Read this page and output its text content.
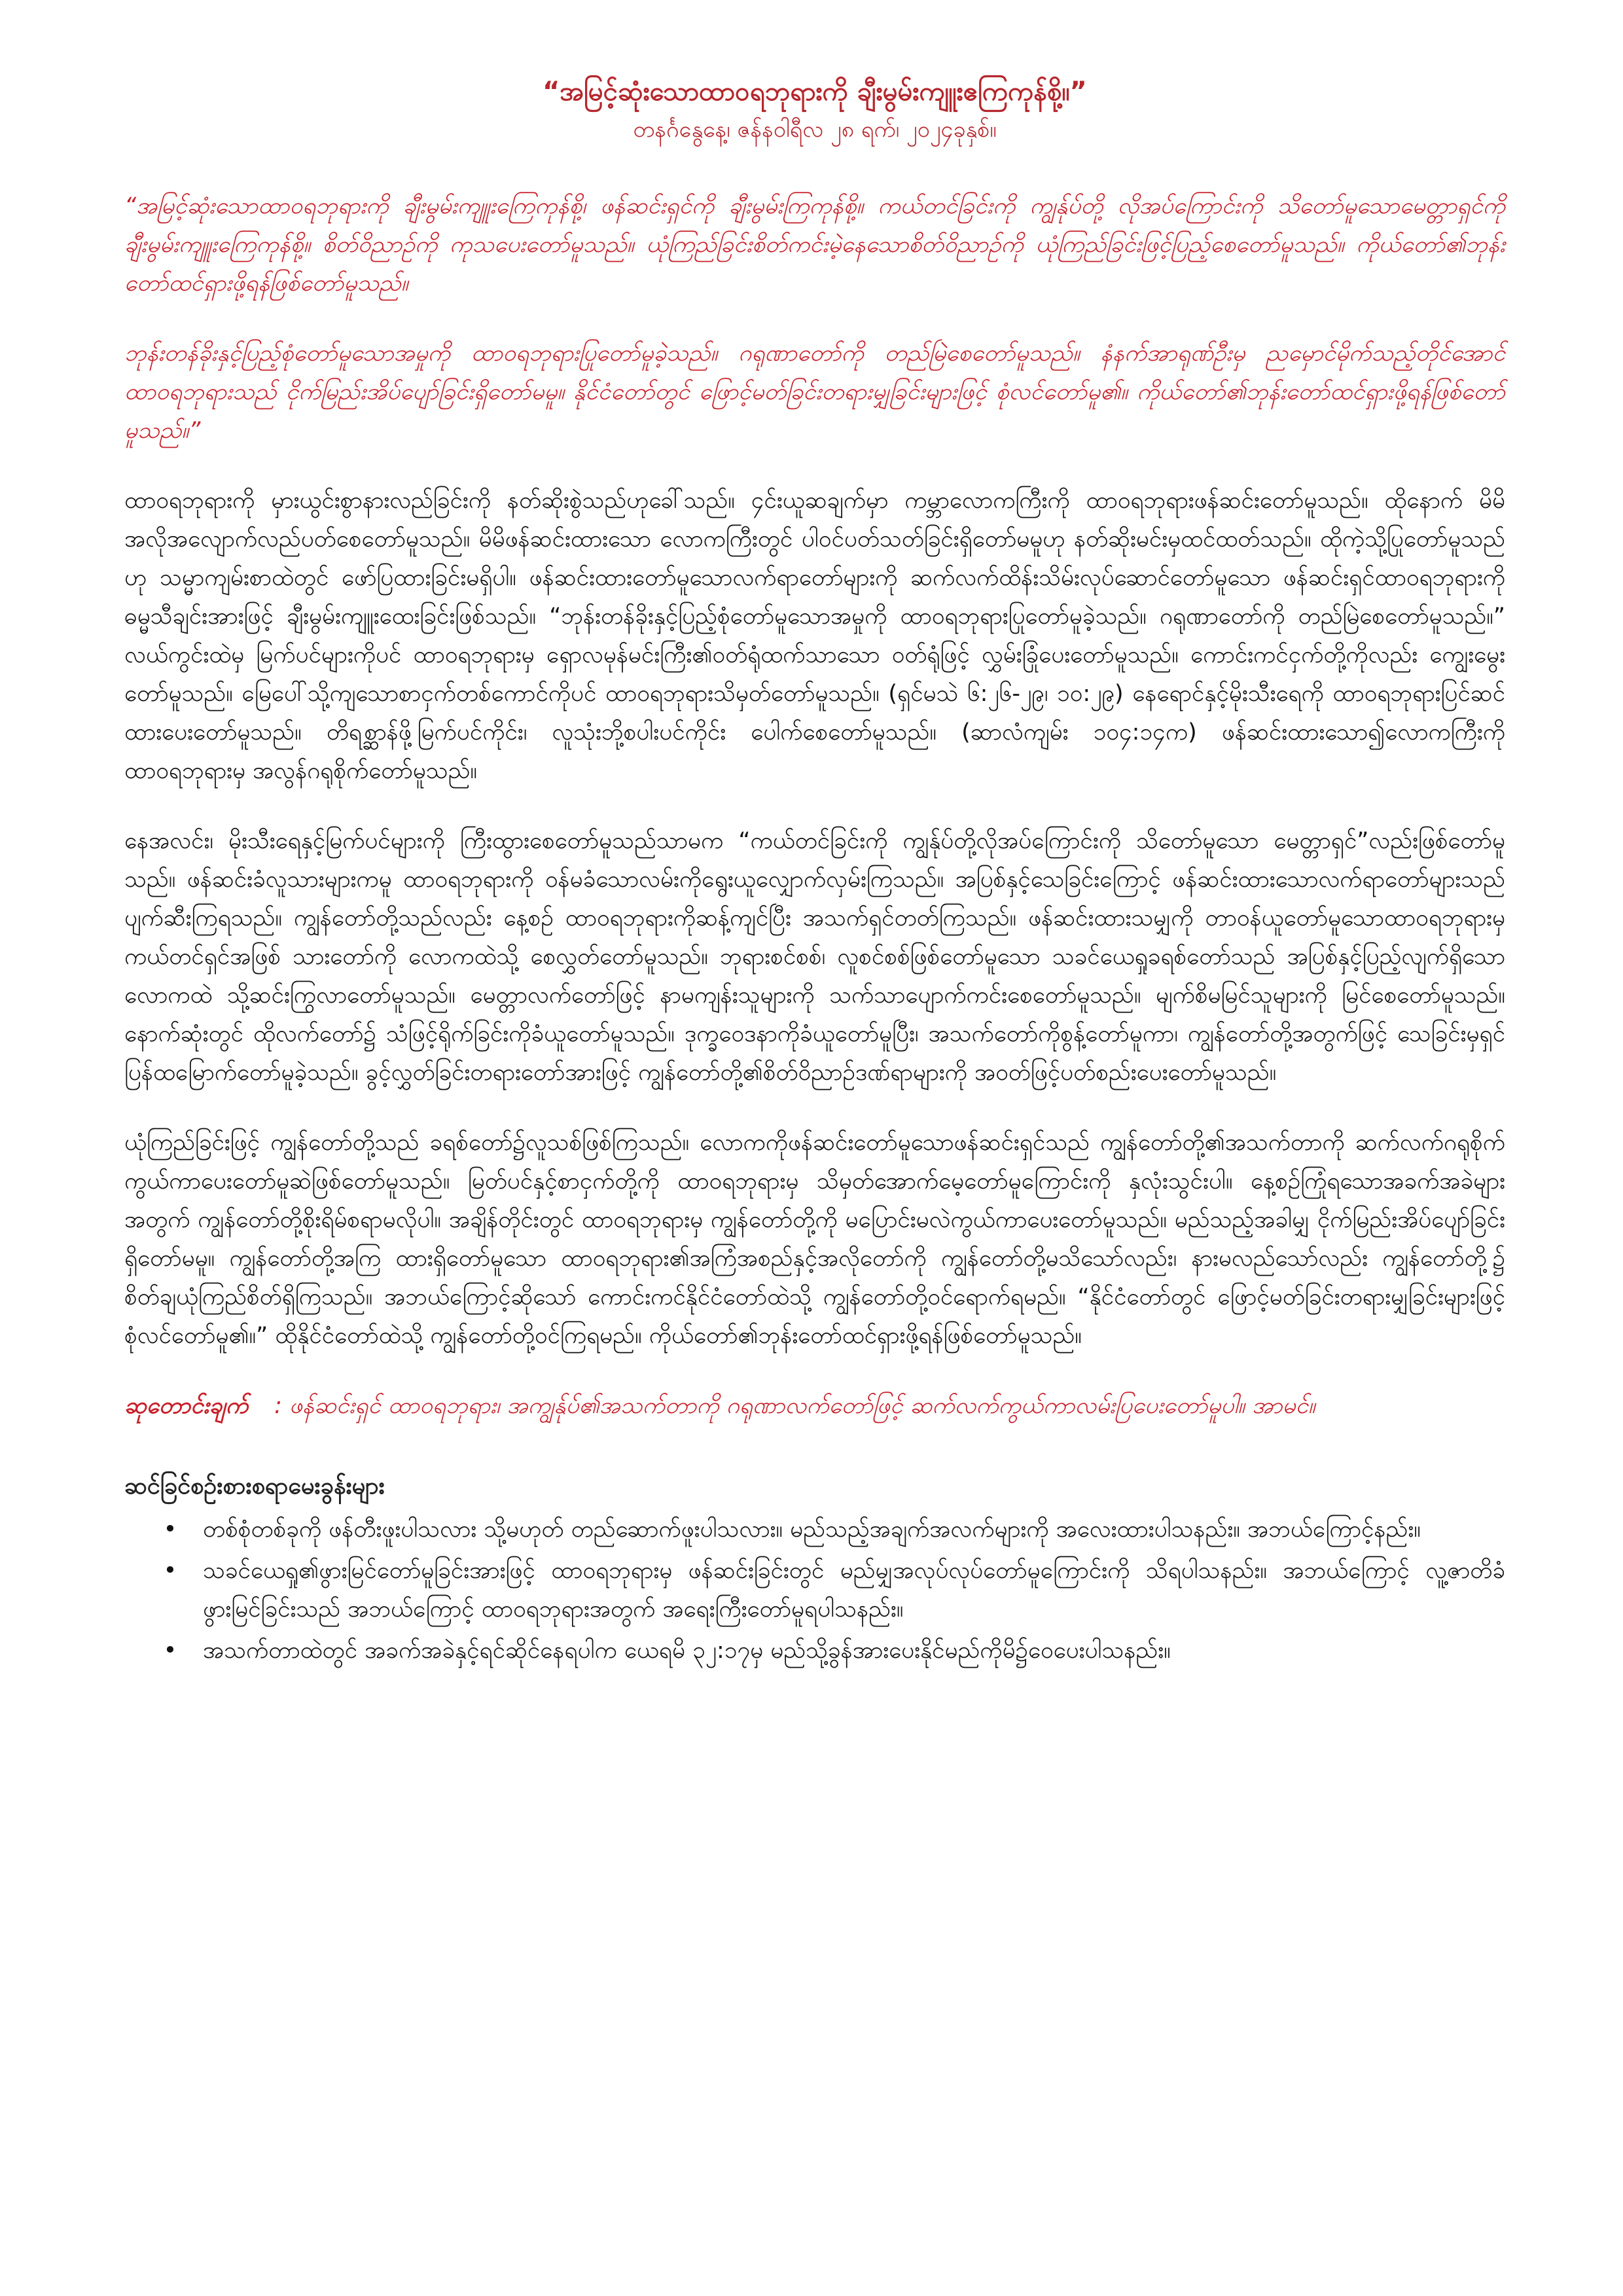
“အမြင့်ဆုံးသောထာ၀ရဘုရားကို ချီးမွမ်းကျူးဧကြကုန်စို့။”

တနင်္ဂနွေနေ့၊ ဇန်နဝါရီလ ၂၈ ရက်၊ ၂၀၂၄ခုနှစ်။

“အမြင့်ဆုံးသောထာ၀ရဘုရားကို ချီးမွမ်းကျူးကြေကုန်စို့၊ ဖန်ဆင်းရှင်ကို ချီးမွမ်းကြကုန်စို့။ ကယ်တင်ခြင်းကို ကျွန်ုပ်တို့ လိုအပ်ကြောင်းကို သိတော်မူသောမေတ္တာရှင်ကို ချီးမွမ်းကျူးကြေကုန်စို့။ စိတ်ဝိညာဉ်ကို ကုသပေးတော်မူသည်။ ယုံကြည်ခြင်းစိတ်ကင်းမဲ့နေသောစိတ်ဝိညာဉ်ကို ယုံကြည်ခြင်းဖြင့်ပြည့်စေတော်မူသည်။ ကိုယ်တော်၏ဘုန်းတော်ထင်ရှားဖို့ရန်ဖြစ်တော်မူသည်။

ဘုန်းတန်ခိုးနှင့်ပြည့်စုံတော်မူသောအမှုကို ထာဝရဘုရားပြုတော်မူခဲ့သည်။ ဂရုဏာတော်ကို တည်မြဲစေတော်မူသည်။ နံနက်အာရုဏ်ဦးမှ ညမှောင်မိုက်သည့်တိုင်အောင် ထာဝရဘုရားသည် ငိုက်မြည်းအိပ်ပျော်ခြင်းရှိတော်မမူ။ နိုင်ငံတော်တွင် ဖြောင့်မတ်ခြင်းတရားမျှခြင်းများဖြင့် စုံလင်တော်မူ၏။ ကိုယ်တော်၏ဘုန်းတော်ထင်ရှားဖို့ရန်ဖြစ်တော်မူသည်။”

ထာဝရဘုရားကို မှားယွင်းစွာနားလည်ခြင်းကို နတ်ဆိုးစွဲသည်ဟုခေါ်သည်။ ၄င်းယူဆချက်မှာ ကမ္ဘာလောကကြီးကို ထာဝရဘုရားဖန်ဆင်းတော်မူသည်။ ထိုနောက် မိမိအလိုအလျောက်လည်ပတ်စေတော်မူသည်။ မိမိဖန်ဆင်းထားသော လောကကြီးတွင် ပါဝင်ပတ်သတ်ခြင်းရှိတော်မမူဟု နတ်ဆိုးမင်းမှထင်ထတ်သည်။ ထိုကဲ့သို့ပြုတော်မူသည်ဟု သမ္မာကျမ်းစာထဲတွင် ဖော်ပြထားခြင်းမရှိပါ။ ဖန်ဆင်းထားတော်မူသောလက်ရာတော်များကို ဆက်လက်ထိန်းသိမ်းလုပ်ဆောင်တော်မူသော ဖန်ဆင်းရှင်ထာဝရဘုရားကို ဓမ္မသီချင်းအားဖြင့် ချီးမွမ်းကျူးထေးခြင်းဖြစ်သည်။ “ဘုန်းတန်ခိုးနှင့်ပြည့်စုံတော်မူသောအမှုကို ထာဝရဘုရားပြုတော်မူခဲ့သည်။ ဂရုဏာတော်ကို တည်မြဲစေတော်မူသည်။” လယ်ကွင်းထဲမှ မြက်ပင်များကိုပင် ထာဝရဘုရားမှ ရှောလမုန်မင်းကြီး၏ဝတ်ရုံထက်သာသော ဝတ်ရုံဖြင့် လွှမ်းခြုံပေးတော်မူသည်။ ကောင်းကင်ငှက်တို့ကိုလည်း ကျွေးမွေးတော်မူသည်။ မြေပေါ်သို့ကျသောစာငှက်တစ်ကောင်ကိုပင် ထာဝရဘုရားသိမှတ်တော်မူသည်။ (ရှင်မသဲ ၆:၂၆-၂၉၊ ၁၀:၂၉) နေရောင်နှင့်မိုးသီးရေကို ထာဝရဘုရားပြင်ဆင်ထားပေးတော်မူသည်။ တိရစ္ဆာန်ဖို့မြက်ပင်ကိုင်း၊ လူသုံးဘို့စပါးပင်ကိုင်း ပေါက်စေတော်မူသည်။ (ဆာလံကျမ်း ၁၀၄:၁၄က) ဖန်ဆင်းထားသော၍လောကကြီးကို ထာဝရဘုရားမှ အလွန်ဂရုစိုက်တော်မူသည်။

နေအလင်း၊ မိုးသီးရေနှင့်မြက်ပင်များကို ကြီးထွားစေတော်မူသည်သာမက “ကယ်တင်ခြင်းကို ကျွန်ုပ်တို့လိုအပ်ကြောင်းကို သိတော်မူသော မေတ္တာရှင်”လည်းဖြစ်တော်မူသည်။ ဖန်ဆင်းခံလူသားများကမူ ထာဝရဘုရားကို ဝန်မခံသောလမ်းကိုရွေးယူလျှောက်လှမ်းကြသည်။ အပြစ်နှင့်သေခြင်းကြောင့် ဖန်ဆင်းထားသောလက်ရာတော်များသည် ပျက်ဆီးကြရသည်။ ကျွန်တော်တို့သည်လည်း နေ့စဉ် ထာဝရဘုရားကိုဆန့်ကျင်ပြီး အသက်ရှင်တတ်ကြသည်။ ဖန်ဆင်းထားသမျှကို တာဝန်ယူတော်မူသောထာဝရဘုရားမှ ကယ်တင်ရှင်အဖြစ် သားတော်ကို လောကထဲသို့ စေလွှတ်တော်မူသည်။ ဘုရားစင်စစ်၊ လူစင်စစ်ဖြစ်တော်မူသော သခင်ယေရှုခရစ်တော်သည် အပြစ်နှင့်ပြည့်လျက်ရှိသောလောကထဲ သို့ဆင်းကြွလာတော်မူသည်။ မေတ္တာလက်တော်ဖြင့် နာမကျန်းသူများကို သက်သာပျောက်ကင်းစေတော်မူသည်။ မျက်စိမမြင်သူများကို မြင်စေတော်မူသည်။ နောက်ဆုံးတွင် ထိုလက်တော်၌ သံဖြင့်ရိုက်ခြင်းကိုခံယူတော်မူသည်။ ဒုက္ခဝေဒနာကိုခံယူတော်မူပြီး၊ အသက်တော်ကိုစွန့်တော်မူကာ၊ ကျွန်တော်တို့အတွက်ဖြင့် သေခြင်းမှရှင်ပြန်ထမြောက်တော်မူခဲ့သည်။ ခွင့်လွှတ်ခြင်းတရားတော်အားဖြင့် ကျွန်တော်တို့၏စိတ်ဝိညာဉ်ဒဏ်ရာများကို အဝတ်ဖြင့်ပတ်စည်းပေးတော်မူသည်။

ယုံကြည်ခြင်းဖြင့် ကျွန်တော်တို့သည် ခရစ်တော်၌လူသစ်ဖြစ်ကြသည်။ လောကကိုဖန်ဆင်းတော်မူသောဖန်ဆင်းရှင်သည် ကျွန်တော်တို့၏အသက်တာကို ဆက်လက်ဂရုစိုက်ကွယ်ကာပေးတော်မူဆဲဖြစ်တော်မူသည်။ မြတ်ပင်နှင့်စာငှက်တို့ကို ထာဝရဘုရားမှ သိမှတ်အောက်မေ့တော်မူကြောင်းကို နှလုံးသွင်းပါ။ နေ့စဉ်ကြုံရသောအခက်အခဲများအတွက် ကျွန်တော်တို့စိုးရိမ်စရာမလိုပါ။ အချိန်တိုင်းတွင် ထာဝရဘုရားမှ ကျွန်တော်တို့ကို မပြောင်းမလဲကွယ်ကာပေးတော်မူသည်။ မည်သည့်အခါမျှ ငိုက်မြည်းအိပ်ပျော်ခြင်းရှိတော်မမူ။ ကျွန်တော်တို့အကြ ထားရှိတော်မူသော ထာဝရဘုရား၏အကြံအစည်နှင့်အလိုတော်ကို ကျွန်တော်တို့မသိသော်လည်း၊ နားမလည်သော်လည်း ကျွန်တော်တို့၌ စိတ်ချယုံကြည်စိတ်ရှိကြသည်။ အဘယ်ကြောင့်ဆိုသော် ကောင်းကင်နိုင်ငံတော်ထဲသို့ ကျွန်တော်တို့ဝင်ရောက်ရမည်။ “နိုင်ငံတော်တွင် ဖြောင့်မတ်ခြင်းတရားမျှခြင်းများဖြင့် စုံလင်တော်မူ၏။” ထိုနိုင်ငံတော်ထဲသို့ ကျွန်တော်တို့ဝင်ကြရမည်။ ကိုယ်တော်၏ဘုန်းတော်ထင်ရှားဖို့ရန်ဖြစ်တော်မူသည်။

ဆုတောင်းချက် : ဖန်ဆင်းရှင် ထာဝရဘုရား၊ အကျွန်ုပ်၏အသက်တာကို ဂရုဏာလက်တော်ဖြင့် ဆက်လက်ကွယ်ကာလမ်းပြပေးတော်မူပါ။ အာမင်။

ဆင်ခြင်စဉ်းစားစရာမေးခွန်းများ
• တစ်စုံတစ်ခုကို ဖန်တီးဖူးပါသလား သို့မဟုတ် တည်ဆောက်ဖူးပါသလား။ မည်သည့်အချက်အလက်များကို အလေးထားပါသနည်း။ အဘယ်ကြောင့်နည်း။
• သခင်ယေရှု၏ဖွားမြင်တော်မူခြင်းအားဖြင့် ထာဝရဘုရားမှ ဖန်ဆင်းခြင်းတွင် မည်မျှအလုပ်လုပ်တော်မူကြောင်းကို သိရပါသနည်း။ အဘယ်ကြောင့် လူ့ဇာတိခံဖွားမြင်ခြင်းသည် အဘယ်ကြောင့် ထာဝရဘုရားအတွက် အရေးကြီးတော်မူရပါသနည်း။
• အသက်တာထဲတွင် အခက်အခဲနှင့်ရင်ဆိုင်နေရပါက ယေရမိ ၃၂:၁၇မှ မည်သို့ခွန်အားပေးနိုင်မည်ကိုမိ၌ဝေပေးပါသနည်း။
